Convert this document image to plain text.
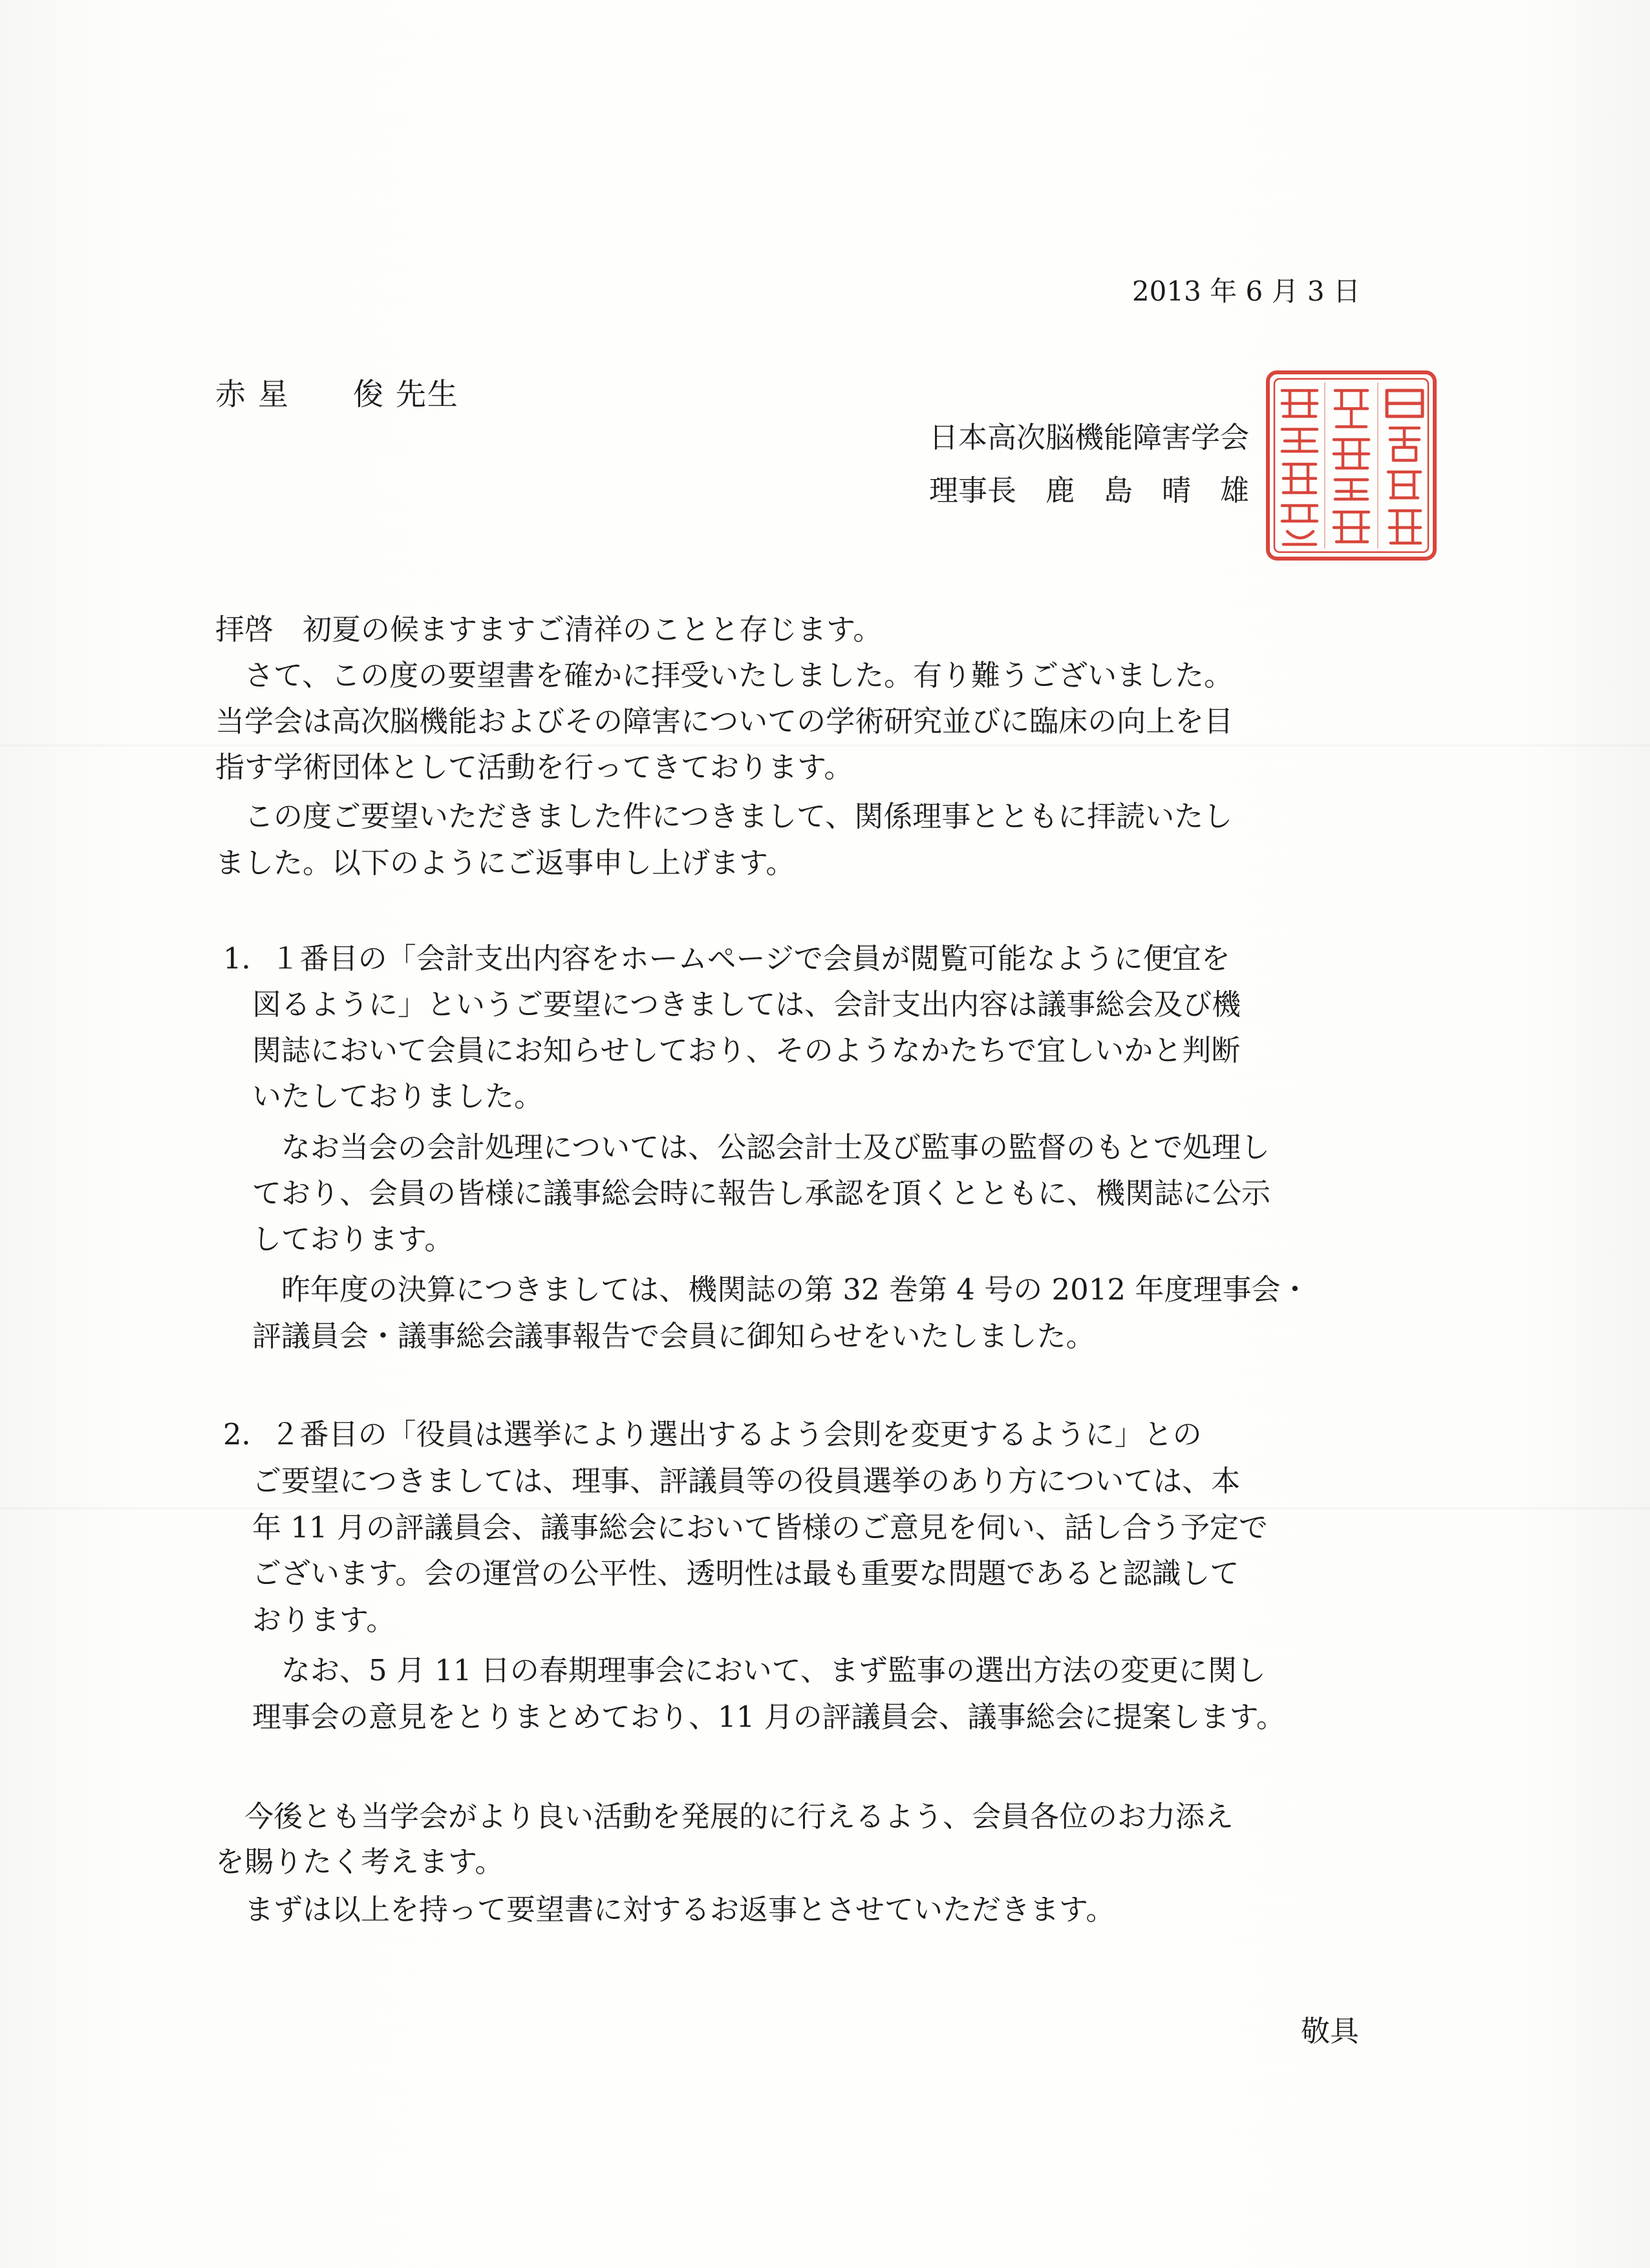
2013 年 6 月 3 日
赤 星　　俊 先生
日本高次脳機能障害学会
理事長　鹿　島　晴　雄
拝啓　初夏の候ますますご清祥のことと存じます。
　さて、この度の要望書を確かに拝受いたしました。有り難うございました。
当学会は高次脳機能およびその障害についての学術研究並びに臨床の向上を目
指す学術団体として活動を行ってきております。
　この度ご要望いただきました件につきまして、関係理事とともに拝読いたし
ました。以下のようにご返事申し上げます。
1．１番目の「会計支出内容をホームページで会員が閲覧可能なように便宜を
　図るように」というご要望につきましては、会計支出内容は議事総会及び機
　関誌において会員にお知らせしており、そのようなかたちで宜しいかと判断
　いたしておりました。
　　なお当会の会計処理については、公認会計士及び監事の監督のもとで処理し
　ており、会員の皆様に議事総会時に報告し承認を頂くとともに、機関誌に公示
　しております。
　　昨年度の決算につきましては、機関誌の第 32 巻第 4 号の 2012 年度理事会・
　評議員会・議事総会議事報告で会員に御知らせをいたしました。
2．２番目の「役員は選挙により選出するよう会則を変更するように」との
　ご要望につきましては、理事、評議員等の役員選挙のあり方については、本
　年 11 月の評議員会、議事総会において皆様のご意見を伺い、話し合う予定で
　ございます。会の運営の公平性、透明性は最も重要な問題であると認識して
　おります。
　　なお、5 月 11 日の春期理事会において、まず監事の選出方法の変更に関し
　理事会の意見をとりまとめており、11 月の評議員会、議事総会に提案します。
　今後とも当学会がより良い活動を発展的に行えるよう、会員各位のお力添え
を賜りたく考えます。
　まずは以上を持って要望書に対するお返事とさせていただきます。
敬具
